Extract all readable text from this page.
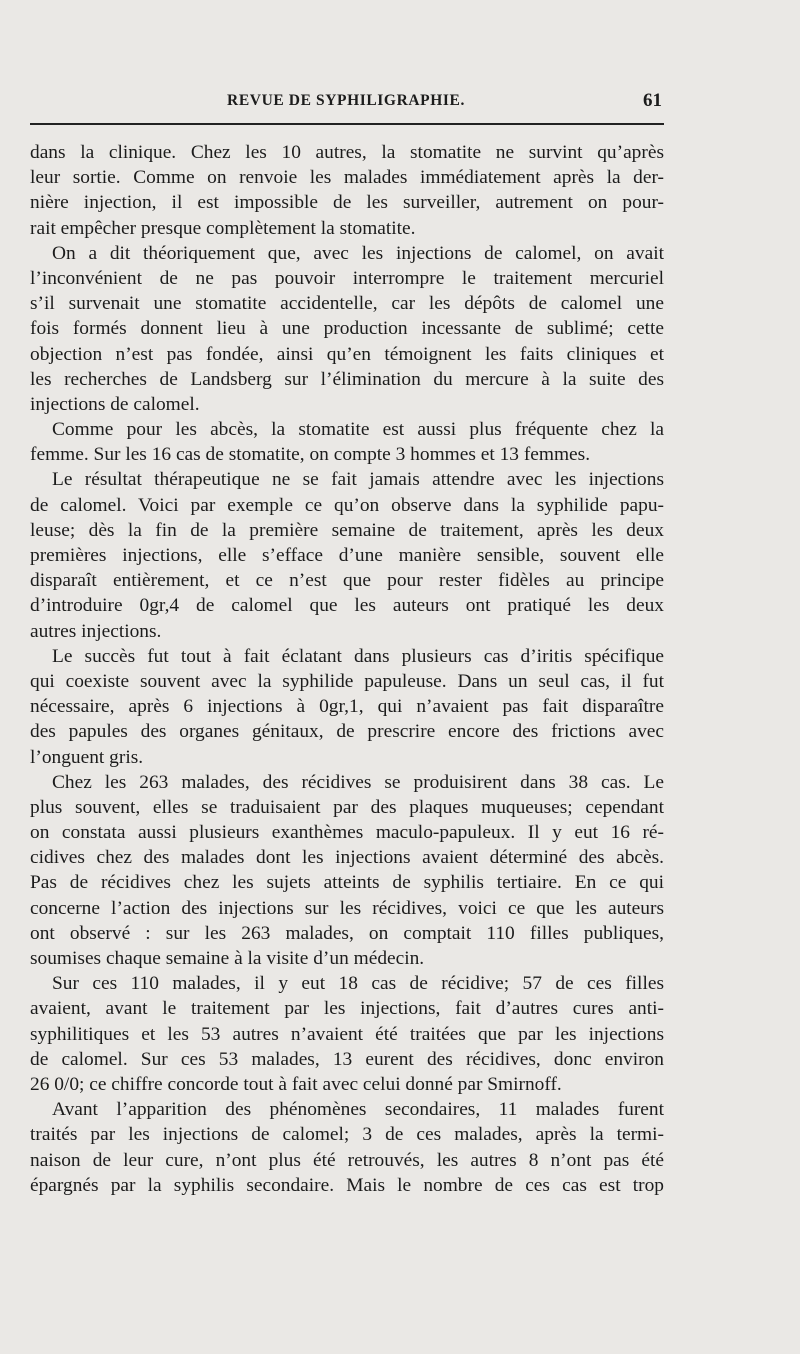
REVUE DE SYPHILIGRAPHIE.	61
dans la clinique. Chez les 10 autres, la stomatite ne survint qu’après
leur sortie. Comme on renvoie les malades immédiatement après la der-
nière injection, il est impossible de les surveiller, autrement on pour-
rait empêcher presque complètement la stomatite.
On a dit théoriquement que, avec les injections de calomel, on avait
l’inconvénient de ne pas pouvoir interrompre le traitement mercuriel
s’il survenait une stomatite accidentelle, car les dépôts de calomel une
fois formés donnent lieu à une production incessante de sublimé; cette
objection n’est pas fondée, ainsi qu’en témoignent les faits cliniques et
les recherches de Landsberg sur l’élimination du mercure à la suite des
injections de calomel.
Comme pour les abcès, la stomatite est aussi plus fréquente chez la
femme. Sur les 16 cas de stomatite, on compte 3 hommes et 13 femmes.
Le résultat thérapeutique ne se fait jamais attendre avec les injections
de calomel. Voici par exemple ce qu’on observe dans la syphilide papu-
leuse; dès la fin de la première semaine de traitement, après les deux
premières injections, elle s’efface d’une manière sensible, souvent elle
disparaît entièrement, et ce n’est que pour rester fidèles au principe
d’introduire 0gr,4 de calomel que les auteurs ont pratiqué les deux
autres injections.
Le succès fut tout à fait éclatant dans plusieurs cas d’iritis spécifique
qui coexiste souvent avec la syphilide papuleuse. Dans un seul cas, il fut
nécessaire, après 6 injections à 0gr,1, qui n’avaient pas fait disparaître
des papules des organes génitaux, de prescrire encore des frictions avec
l’onguent gris.
Chez les 263 malades, des récidives se produisirent dans 38 cas. Le
plus souvent, elles se traduisaient par des plaques muqueuses; cependant
on constata aussi plusieurs exanthèmes maculo-papuleux. Il y eut 16 ré-
cidives chez des malades dont les injections avaient déterminé des abcès.
Pas de récidives chez les sujets atteints de syphilis tertiaire. En ce qui
concerne l’action des injections sur les récidives, voici ce que les auteurs
ont observé : sur les 263 malades, on comptait 110 filles publiques,
soumises chaque semaine à la visite d’un médecin.
Sur ces 110 malades, il y eut 18 cas de récidive; 57 de ces filles
avaient, avant le traitement par les injections, fait d’autres cures anti-
syphilitiques et les 53 autres n’avaient été traitées que par les injections
de calomel. Sur ces 53 malades, 13 eurent des récidives, donc environ
26 0/0; ce chiffre concorde tout à fait avec celui donné par Smirnoff.
Avant l’apparition des phénomènes secondaires, 11 malades furent
traités par les injections de calomel; 3 de ces malades, après la termi-
naison de leur cure, n’ont plus été retrouvés, les autres 8 n’ont pas été
épargnés par la syphilis secondaire. Mais le nombre de ces cas est trop
